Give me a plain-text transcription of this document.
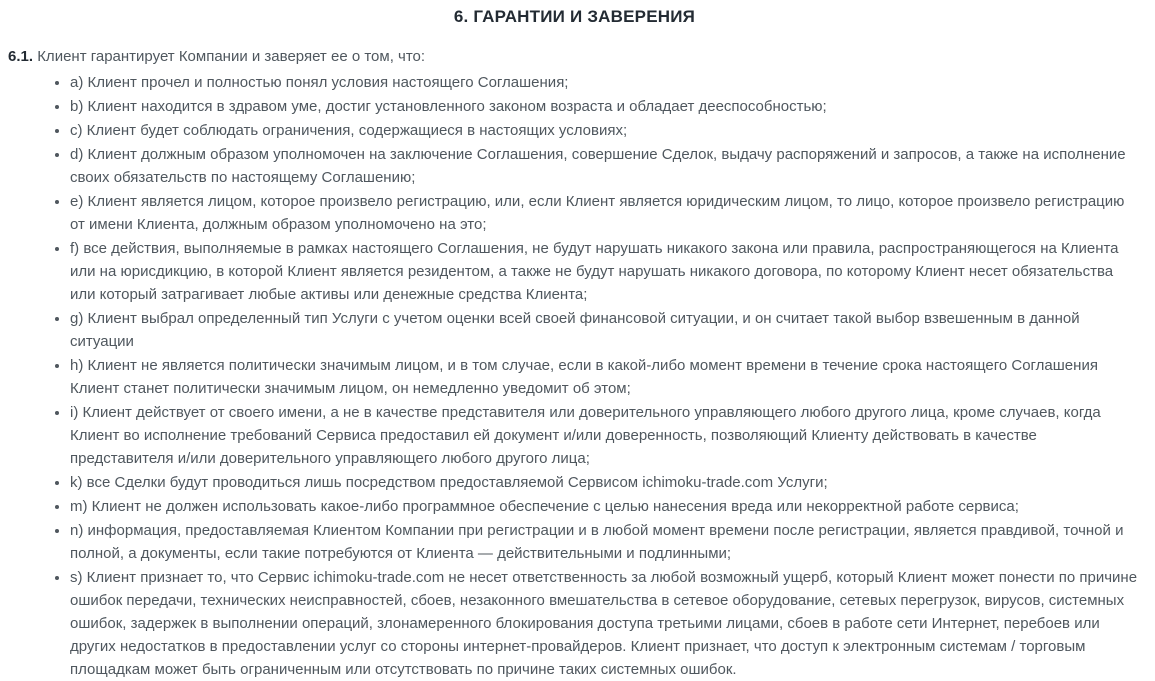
6. ГАРАНТИИ И ЗАВЕРЕНИЯ

6.1. Клиент гарантирует Компании и заверяет ее о том, что:

• a) Клиент прочел и полностью понял условия настоящего Соглашения;
• b) Клиент находится в здравом уме, достиг установленного законом возраста и обладает дееспособностью;
• c) Клиент будет соблюдать ограничения, содержащиеся в настоящих условиях;
• d) Клиент должным образом уполномочен на заключение Соглашения, совершение Сделок, выдачу распоряжений и запросов, а также на исполнение своих обязательств по настоящему Соглашению;
• e) Клиент является лицом, которое произвело регистрацию, или, если Клиент является юридическим лицом, то лицо, которое произвело регистрацию от имени Клиента, должным образом уполномочено на это;
• f) все действия, выполняемые в рамках настоящего Соглашения, не будут нарушать никакого закона или правила, распространяющегося на Клиента или на юрисдикцию, в которой Клиент является резидентом, а также не будут нарушать никакого договора, по которому Клиент несет обязательства или который затрагивает любые активы или денежные средства Клиента;
• g) Клиент выбрал определенный тип Услуги с учетом оценки всей своей финансовой ситуации, и он считает такой выбор взвешенным в данной ситуации
• h) Клиент не является политически значимым лицом, и в том случае, если в какой-либо момент времени в течение срока настоящего Соглашения Клиент станет политически значимым лицом, он немедленно уведомит об этом;
• i) Клиент действует от своего имени, а не в качестве представителя или доверительного управляющего любого другого лица, кроме случаев, когда Клиент во исполнение требований Сервиса предоставил ей документ и/или доверенность, позволяющий Клиенту действовать в качестве представителя и/или доверительного управляющего любого другого лица;
• k) все Сделки будут проводиться лишь посредством предоставляемой Сервисом ichimoku-trade.com Услуги;
• m) Клиент не должен использовать какое-либо программное обеспечение с целью нанесения вреда или некорректной работе сервиса;
• n) информация, предоставляемая Клиентом Компании при регистрации и в любой момент времени после регистрации, является правдивой, точной и полной, а документы, если такие потребуются от Клиента — действительными и подлинными;
• s) Клиент признает то, что Сервис ichimoku-trade.com не несет ответственность за любой возможный ущерб, который Клиент может понести по причине ошибок передачи, технических неисправностей, сбоев, незаконного вмешательства в сетевое оборудование, сетевых перегрузок, вирусов, системных ошибок, задержек в выполнении операций, злонамеренного блокирования доступа третьими лицами, сбоев в работе сети Интернет, перебоев или других недостатков в предоставлении услуг со стороны интернет-провайдеров. Клиент признает, что доступ к электронным системам / торговым площадкам может быть ограниченным или отсутствовать по причине таких системных ошибок.
